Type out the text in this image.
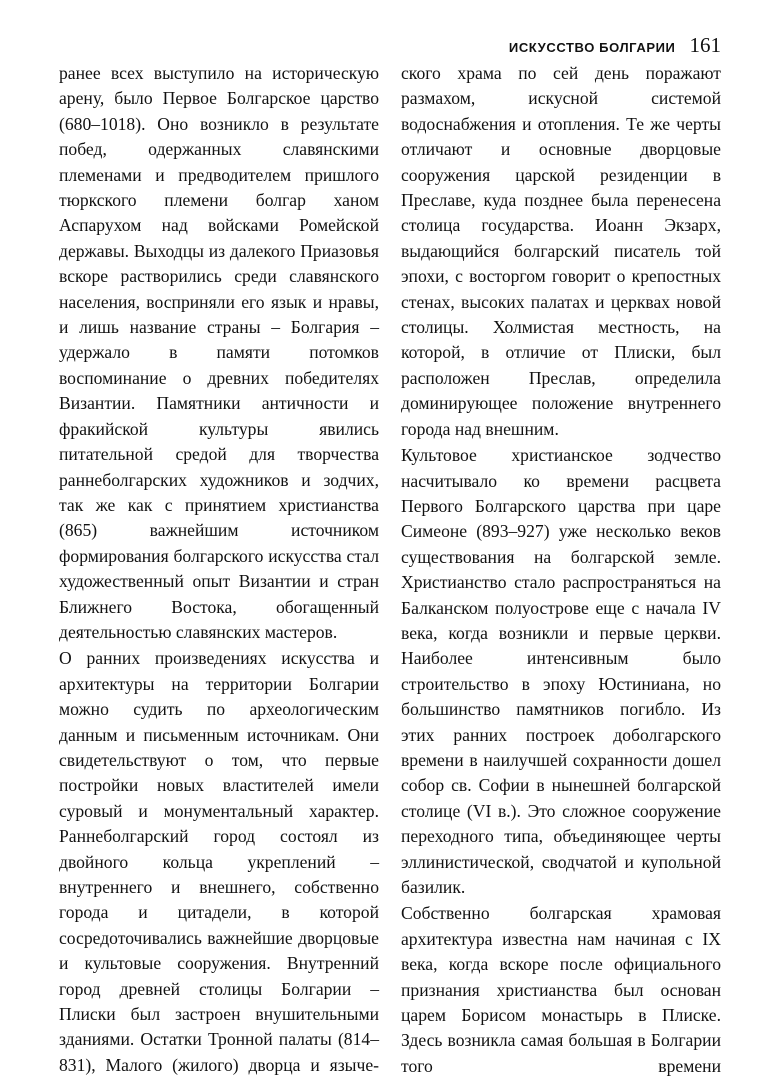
ИСКУССТВО БОЛГАРИИ 161

ранее всех выступило на историческую арену, было Первое Болгарское царство (680–1018). Оно возникло в результате побед, одержанных славянскими племенами и предводителем пришлого тюркского племени болгар ханом Аспарухом над войсками Ромейской державы. Выходцы из далекого Приазовья вскоре растворились среди славянского населения, восприняли его язык и нравы, и лишь название страны – Болгария – удержало в памяти потомков воспоминание о древних победителях Византии. Памятники античности и фракийской культуры явились питательной средой для творчества раннеболгарских художников и зодчих, так же как с принятием христианства (865) важнейшим источником формирования болгарского искусства стал художественный опыт Византии и стран Ближнего Востока, обогащенный деятельностью славянских мастеров.

О ранних произведениях искусства и архитектуры на территории Болгарии можно судить по археологическим данным и письменным источникам. Они свидетельствуют о том, что первые постройки новых властителей имели суровый и монументальный характер. Раннеболгарский город состоял из двойного кольца укреплений – внутреннего и внешнего, собственно города и цитадели, в которой сосредоточивались важнейшие дворцовые и культовые сооружения. Внутренний город древней столицы Болгарии – Плиски был застроен внушительными зданиями. Остатки Тронной палаты (814–831), Малого (жилого) дворца и языче-

ского храма по сей день поражают размахом, искусной системой водоснабжения и отопления. Те же черты отличают и основные дворцовые сооружения царской резиденции в Преславе, куда позднее была перенесена столица государства. Иоанн Экзарх, выдающийся болгарский писатель той эпохи, с восторгом говорит о крепостных стенах, высоких палатах и церквах новой столицы. Холмистая местность, на которой, в отличие от Плиски, был расположен Преслав, определила доминирующее положение внутреннего города над внешним.

Культовое христианское зодчество насчитывало ко времени расцвета Первого Болгарского царства при царе Симеоне (893–927) уже несколько веков существования на болгарской земле. Христианство стало распространяться на Балканском полуострове еще с начала IV века, когда возникли и первые церкви. Наиболее интенсивным было строительство в эпоху Юстиниана, но большинство памятников погибло. Из этих ранних построек доболгарского времени в наилучшей сохранности дошел собор св. Софии в нынешней болгарской столице (VI в.). Это сложное сооружение переходного типа, объединяющее черты эллинистической, сводчатой и купольной базилик.

Собственно болгарская храмовая архитектура известна нам начиная с IX века, когда вскоре после официального признания христианства был основан царем Борисом монастырь в Плиске. Здесь возникла самая большая в Болгарии того времени
